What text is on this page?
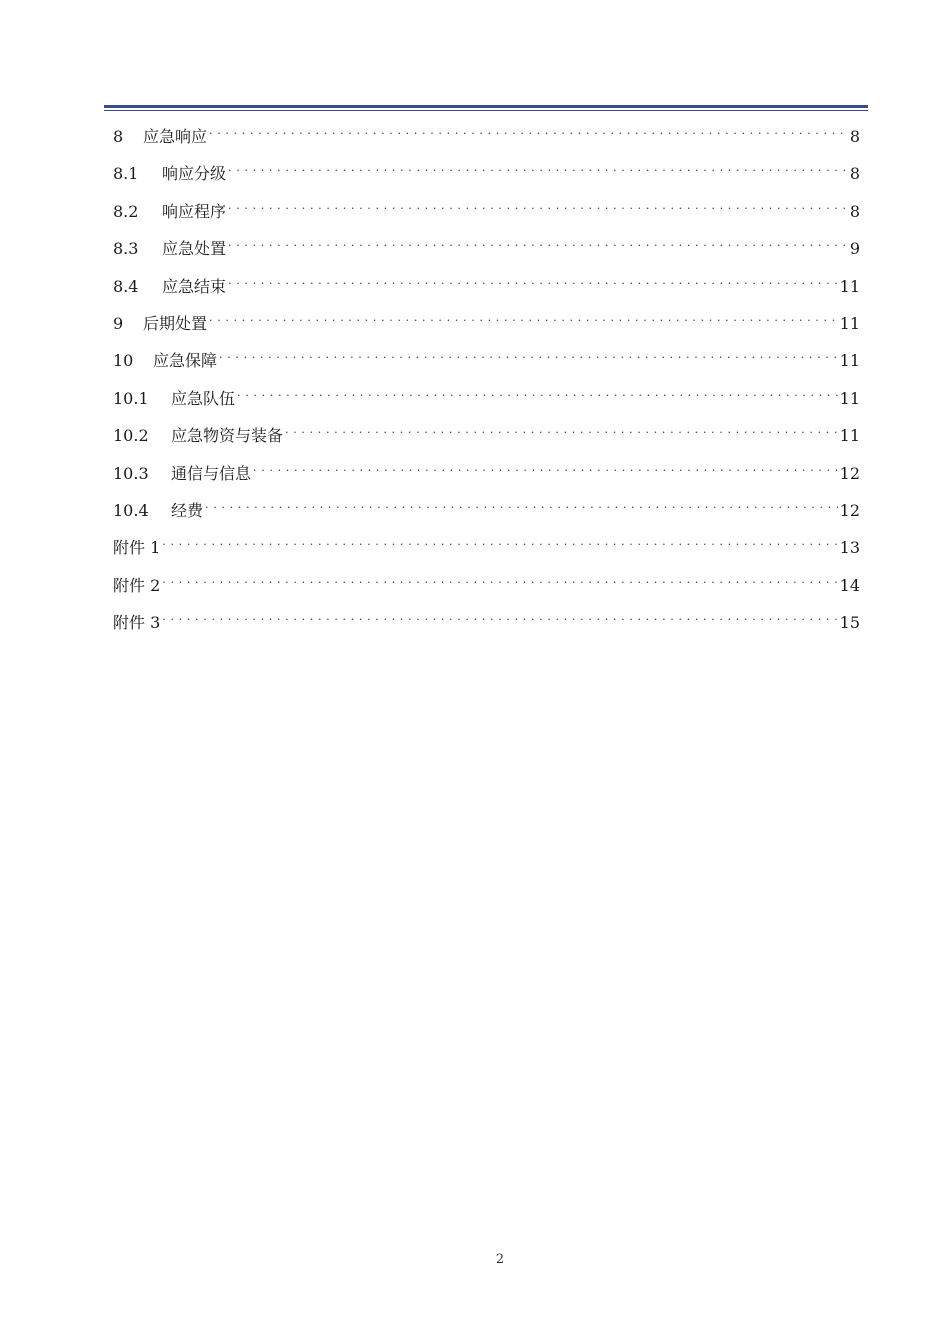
8	应急响应 . . .	8
8.1	响应分级 . . .	8
8.2	响应程序 . . .	8
8.3	应急处置 . . .	9
8.4	应急结束 . . .	11
9	后期处置 . . .	11
10	应急保障 . . .	11
10.1	应急队伍 . . .	11
10.2	应急物资与装备 . . .	11
10.3	通信与信息 . . .	12
10.4	经费 . . .	12
附件 1 . . .	13
附件 2 . . .	14
附件 3 . . .	15
2
